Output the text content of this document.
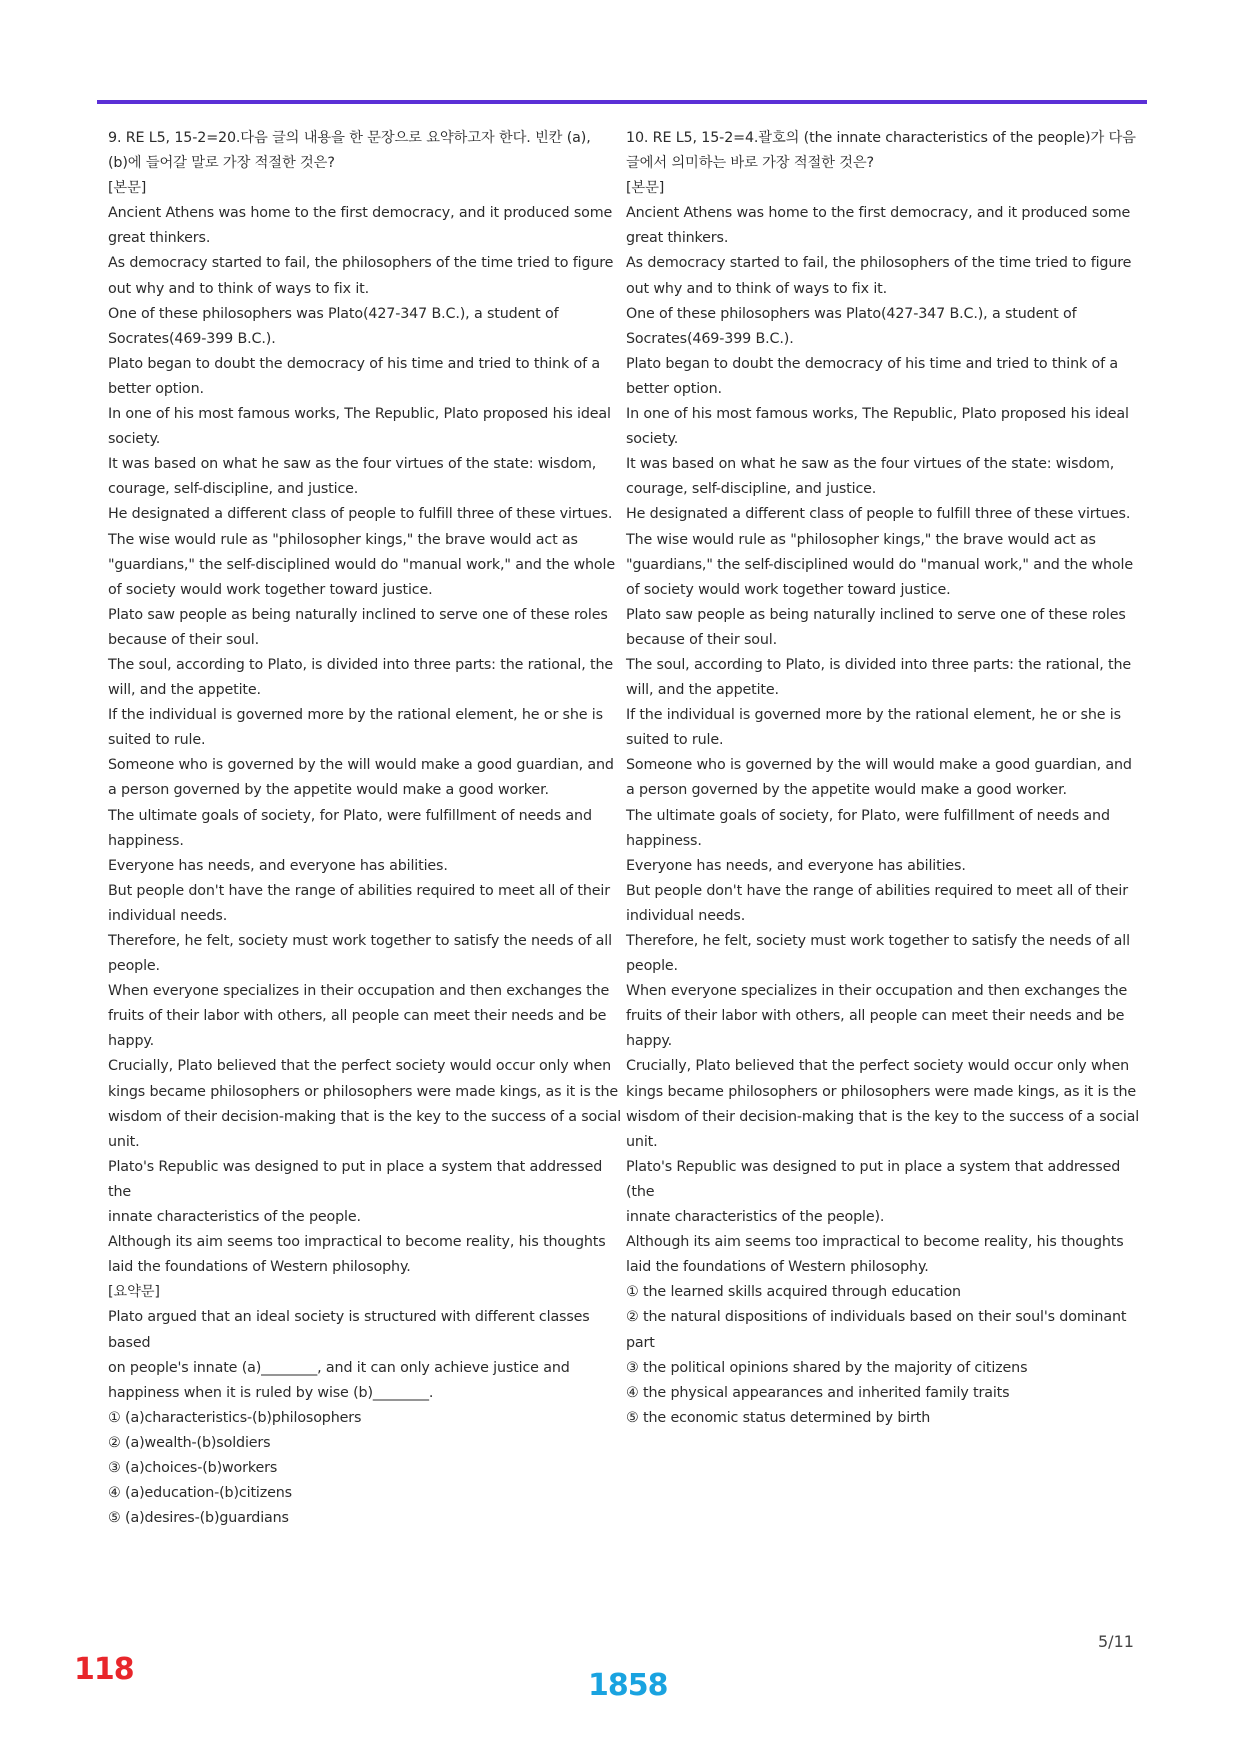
9. RE L5, 15-2=20.다음 글의 내용을 한 문장으로 요약하고자 한다. 빈칸 (a),

(b)에 들어갈 말로 가장 적절한 것은?

[본문]

Ancient Athens was home to the first democracy, and it produced some

great thinkers.

As democracy started to fail, the philosophers of the time tried to figure

out why and to think of ways to fix it.

One of these philosophers was Plato(427-347 B.C.), a student of

Socrates(469-399 B.C.).

Plato began to doubt the democracy of his time and tried to think of a

better option.

In one of his most famous works, The Republic, Plato proposed his ideal

society.

It was based on what he saw as the four virtues of the state: wisdom,

courage, self-discipline, and justice.

He designated a different class of people to fulfill three of these virtues.

The wise would rule as "philosopher kings," the brave would act as

"guardians," the self-disciplined would do "manual work," and the whole

of society would work together toward justice.

Plato saw people as being naturally inclined to serve one of these roles

because of their soul.

The soul, according to Plato, is divided into three parts: the rational, the

will, and the appetite.

If the individual is governed more by the rational element, he or she is

suited to rule.

Someone who is governed by the will would make a good guardian, and

a person governed by the appetite would make a good worker.

The ultimate goals of society, for Plato, were fulfillment of needs and

happiness.

Everyone has needs, and everyone has abilities.

But people don't have the range of abilities required to meet all of their

individual needs.

Therefore, he felt, society must work together to satisfy the needs of all

people.

When everyone specializes in their occupation and then exchanges the

fruits of their labor with others, all people can meet their needs and be

happy.

Crucially, Plato believed that the perfect society would occur only when

kings became philosophers or philosophers were made kings, as it is the

wisdom of their decision-making that is the key to the success of a social

unit.

Plato's Republic was designed to put in place a system that addressed the

innate characteristics of the people.

Although its aim seems too impractical to become reality, his thoughts

laid the foundations of Western philosophy.

[요약문]

Plato argued that an ideal society is structured with different classes based

on people's innate (a)________, and it can only achieve justice and

happiness when it is ruled by wise (b)________.

① (a)characteristics-(b)philosophers

② (a)wealth-(b)soldiers

③ (a)choices-(b)workers

④ (a)education-(b)citizens

⑤ (a)desires-(b)guardians

10. RE L5, 15-2=4.괄호의 (the innate characteristics of the people)가 다음

글에서 의미하는 바로 가장 적절한 것은?

[본문]

Ancient Athens was home to the first democracy, and it produced some

great thinkers.

As democracy started to fail, the philosophers of the time tried to figure

out why and to think of ways to fix it.

One of these philosophers was Plato(427-347 B.C.), a student of

Socrates(469-399 B.C.).

Plato began to doubt the democracy of his time and tried to think of a

better option.

In one of his most famous works, The Republic, Plato proposed his ideal

society.

It was based on what he saw as the four virtues of the state: wisdom,

courage, self-discipline, and justice.

He designated a different class of people to fulfill three of these virtues.

The wise would rule as "philosopher kings," the brave would act as

"guardians," the self-disciplined would do "manual work," and the whole

of society would work together toward justice.

Plato saw people as being naturally inclined to serve one of these roles

because of their soul.

The soul, according to Plato, is divided into three parts: the rational, the

will, and the appetite.

If the individual is governed more by the rational element, he or she is

suited to rule.

Someone who is governed by the will would make a good guardian, and

a person governed by the appetite would make a good worker.

The ultimate goals of society, for Plato, were fulfillment of needs and

happiness.

Everyone has needs, and everyone has abilities.

But people don't have the range of abilities required to meet all of their

individual needs.

Therefore, he felt, society must work together to satisfy the needs of all

people.

When everyone specializes in their occupation and then exchanges the

fruits of their labor with others, all people can meet their needs and be

happy.

Crucially, Plato believed that the perfect society would occur only when

kings became philosophers or philosophers were made kings, as it is the

wisdom of their decision-making that is the key to the success of a social

unit.

Plato's Republic was designed to put in place a system that addressed (the

innate characteristics of the people).

Although its aim seems too impractical to become reality, his thoughts

laid the foundations of Western philosophy.

① the learned skills acquired through education

② the natural dispositions of individuals based on their soul's dominant

part

③ the political opinions shared by the majority of citizens

④ the physical appearances and inherited family traits

⑤ the economic status determined by birth

5/11
118	1858
